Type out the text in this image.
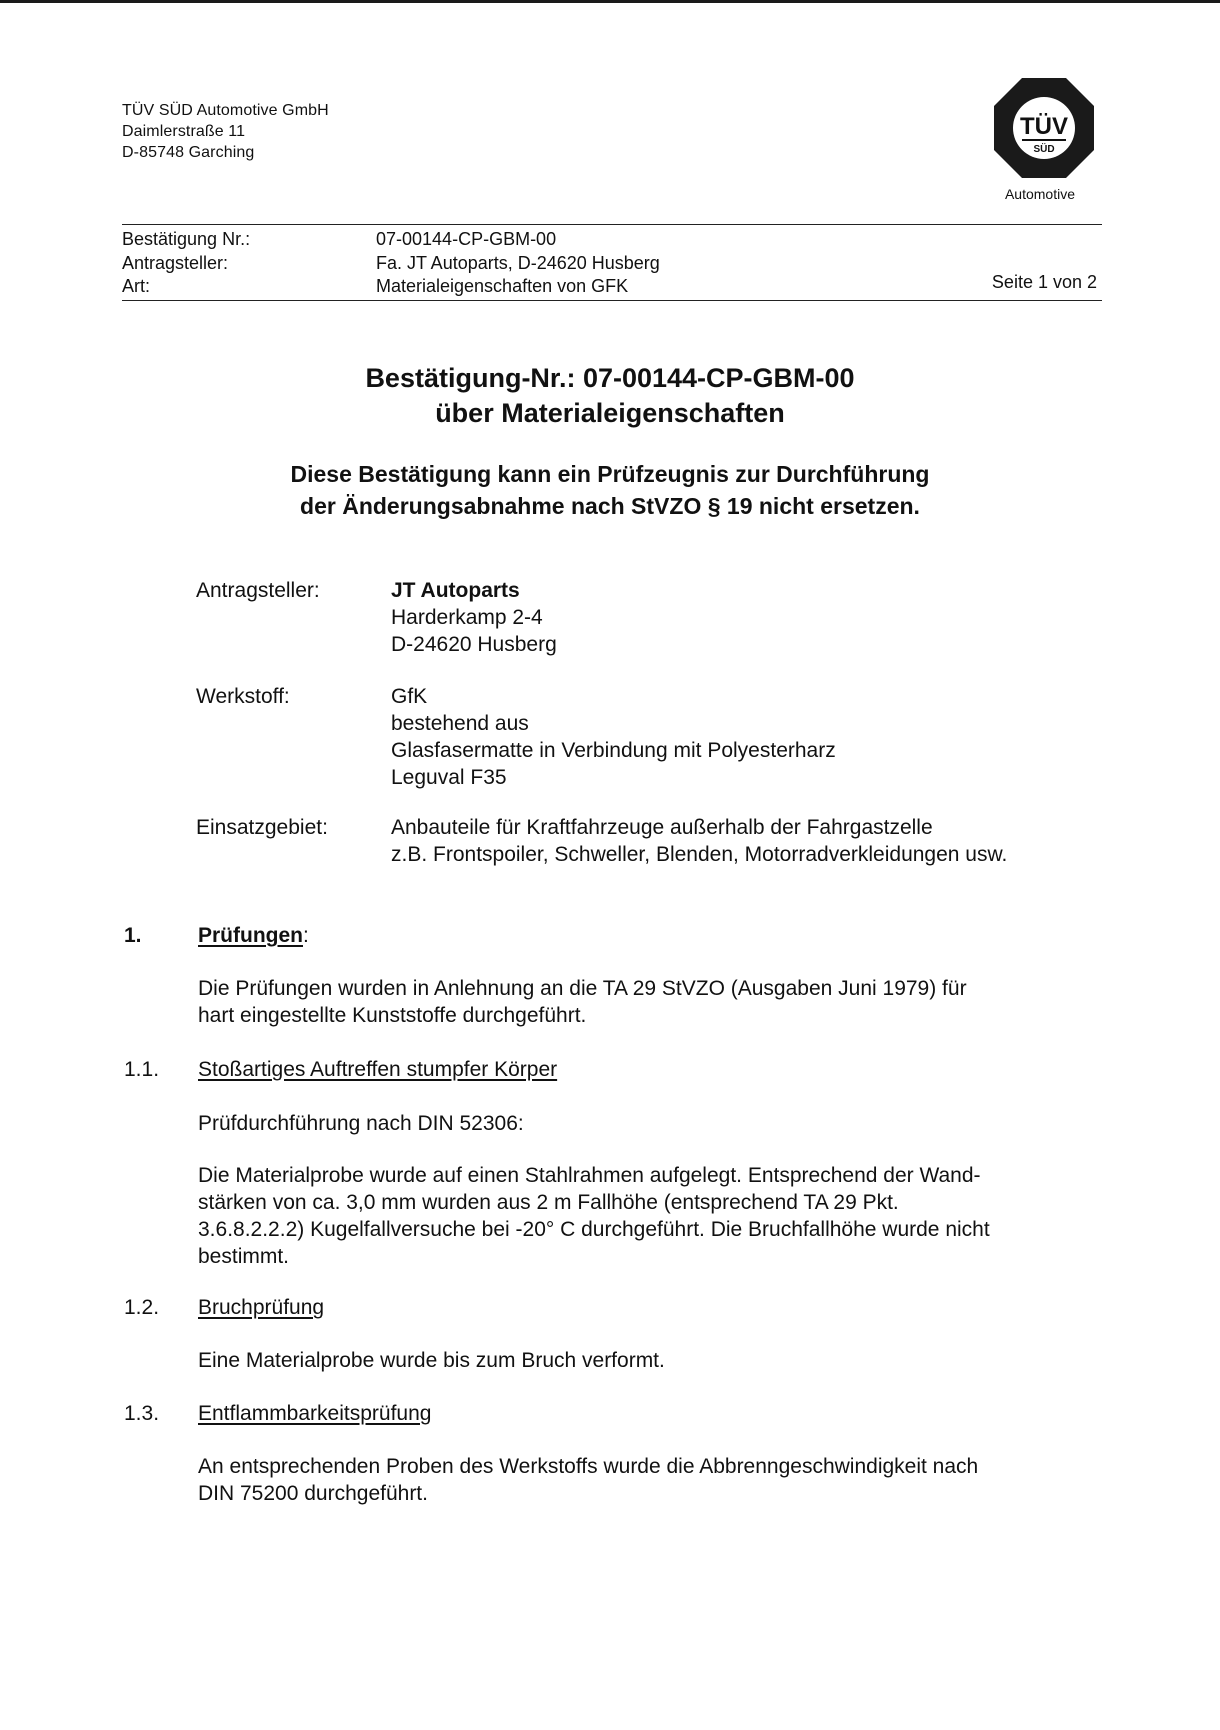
TÜV SÜD Automotive GmbH
Daimlerstraße 11
D-85748 Garching
TÜV
SÜD
Automotive
Bestätigung Nr.:	07-00144-CP-GBM-00
Antragsteller:	Fa. JT Autoparts, D-24620 Husberg
Art:	Materialeigenschaften von GFK	Seite 1 von 2
Bestätigung-Nr.: 07-00144-CP-GBM-00
über Materialeigenschaften
Diese Bestätigung kann ein Prüfzeugnis zur Durchführung
der Änderungsabnahme nach StVZO § 19 nicht ersetzen.
Antragsteller:	JT Autoparts
Harderkamp 2-4
D-24620 Husberg
Werkstoff:	GfK
bestehend aus
Glasfasermatte in Verbindung mit Polyesterharz
Leguval F35
Einsatzgebiet:	Anbauteile für Kraftfahrzeuge außerhalb der Fahrgastzelle
z.B. Frontspoiler, Schweller, Blenden, Motorradverkleidungen usw.
1.	Prüfungen:
Die Prüfungen wurden in Anlehnung an die TA 29 StVZO (Ausgaben Juni 1979) für
hart eingestellte Kunststoffe durchgeführt.
1.1. Stoßartiges Auftreffen stumpfer Körper
Prüfdurchführung nach DIN 52306:
Die Materialprobe wurde auf einen Stahlrahmen aufgelegt. Entsprechend der Wand-
stärken von ca. 3,0 mm wurden aus 2 m Fallhöhe (entsprechend TA 29 Pkt.
3.6.8.2.2.2) Kugelfallversuche bei -20° C durchgeführt. Die Bruchfallhöhe wurde nicht
bestimmt.
1.2. Bruchprüfung
Eine Materialprobe wurde bis zum Bruch verformt.
1.3. Entflammbarkeitsprüfung
An entsprechenden Proben des Werkstoffs wurde die Abbrenngeschwindigkeit nach
DIN 75200 durchgeführt.
